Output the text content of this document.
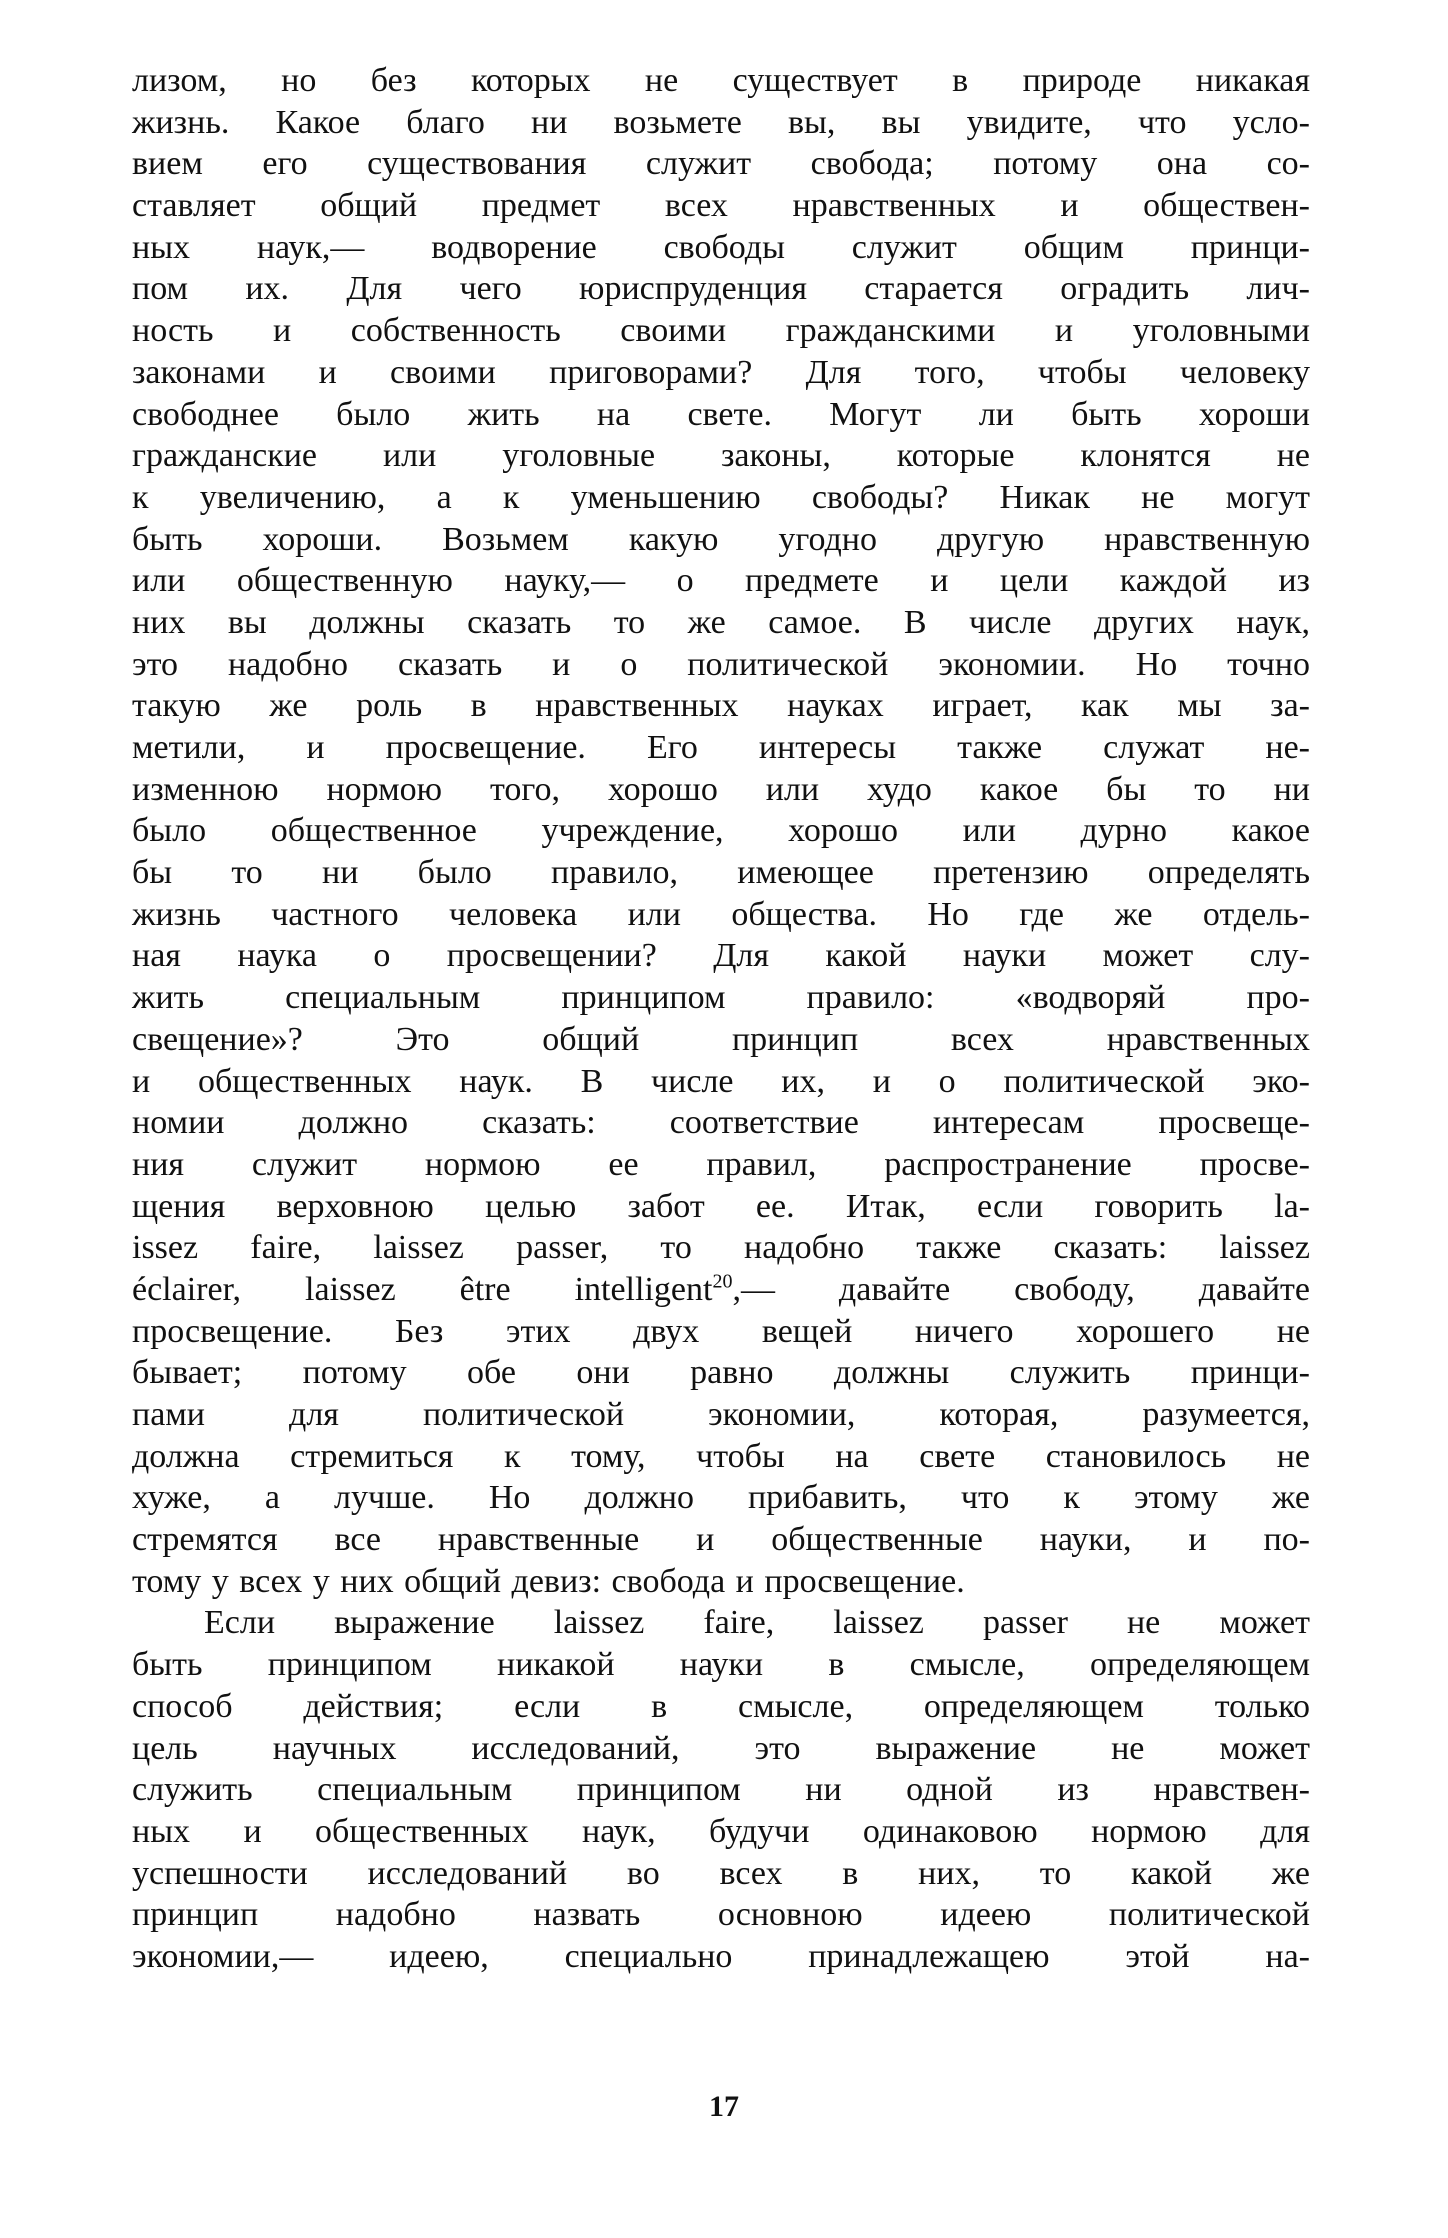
лизом, но без которых не существует в природе никакая
жизнь. Какое благо ни возьмете вы, вы увидите, что усло-
вием его существования служит свобода; потому она со-
ставляет общий предмет всех нравственных и обществен-
ных наук,— водворение свободы служит общим принци-
пом их. Для чего юриспруденция старается оградить лич-
ность и собственность своими гражданскими и уголовными
законами и своими приговорами? Для того, чтобы человеку
свободнее было жить на свете. Могут ли быть хороши
гражданские или уголовные законы, которые клонятся не
к увеличению, а к уменьшению свободы? Никак не могут
быть хороши. Возьмем какую угодно другую нравственную
или общественную науку,— о предмете и цели каждой из
них вы должны сказать то же самое. В числе других наук,
это надобно сказать и о политической экономии. Но точно
такую же роль в нравственных науках играет, как мы за-
метили, и просвещение. Его интересы также служат не-
изменною нормою того, хорошо или худо какое бы то ни
было общественное учреждение, хорошо или дурно какое
бы то ни было правило, имеющее претензию определять
жизнь частного человека или общества. Но где же отдель-
ная наука о просвещении? Для какой науки может слу-
жить специальным принципом правило: «водворяй про-
свещение»? Это общий принцип всех нравственных
и общественных наук. В числе их, и о политической эко-
номии должно сказать: соответствие интересам просвеще-
ния служит нормою ее правил, распространение просве-
щения верховною целью забот ее. Итак, если говорить la-
issez faire, laissez passer, то надобно также сказать: laissez
éclairer, laissez être intelligent$^{20}$,— давайте свободу, давайте
просвещение. Без этих двух вещей ничего хорошего не
бывает; потому обе они равно должны служить принци-
пами для политической экономии, которая, разумеется,
должна стремиться к тому, чтобы на свете становилось не
хуже, а лучше. Но должно прибавить, что к этому же
стремятся все нравственные и общественные науки, и по-
тому у всех у них общий девиз: свобода и просвещение.
Если выражение laissez faire, laissez passer не может
быть принципом никакой науки в смысле, определяющем
способ действия; если в смысле, определяющем только
цель научных исследований, это выражение не может
служить специальным принципом ни одной из нравствен-
ных и общественных наук, будучи одинаковою нормою для
успешности исследований во всех в них, то какой же
принцип надобно назвать основною идеею политической
экономии,— идеею, специально принадлежащею этой на-
17
